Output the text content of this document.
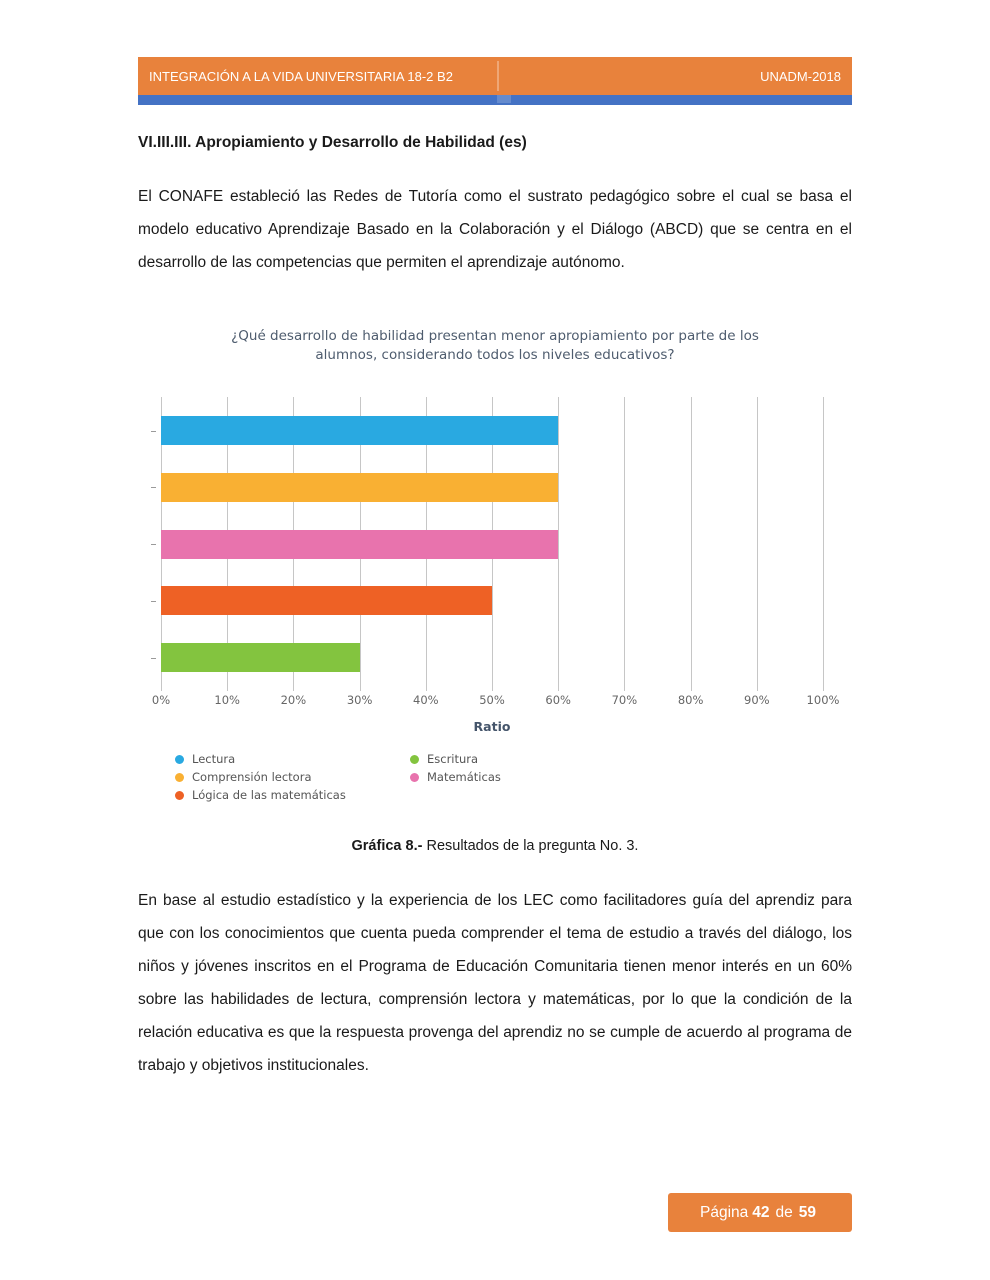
INTEGRACIÓN A LA VIDA UNIVERSITARIA 18-2 B2	UNADM-2018
VI.III.III. Apropiamiento y Desarrollo de Habilidad (es)

El CONAFE estableció las Redes de Tutoría como el sustrato pedagógico sobre el cual se basa el modelo educativo Aprendizaje Basado en la Colaboración y el Diálogo (ABCD) que se centra en el desarrollo de las competencias que permiten el aprendizaje autónomo.

¿Qué desarrollo de habilidad presentan menor apropiamiento por parte de los alumnos, considerando todos los niveles educativos?
0%	10%	20%	30%	40%	50%	60%	70%	80%	90%	100%
Ratio
Lectura
Comprensión lectora
Lógica de las matemáticas
Escritura
Matemáticas
Gráfica 8.- Resultados de la pregunta No. 3.

En base al estudio estadístico y la experiencia de los LEC como facilitadores guía del aprendiz para que con los conocimientos que cuenta pueda comprender el tema de estudio a través del diálogo, los niños y jóvenes inscritos en el Programa de Educación Comunitaria tienen menor interés en un 60% sobre las habilidades de lectura, comprensión lectora y matemáticas, por lo que la condición de la relación educativa es que la respuesta provenga del aprendiz no se cumple de acuerdo al programa de trabajo y objetivos institucionales.

Página 42 de 59
